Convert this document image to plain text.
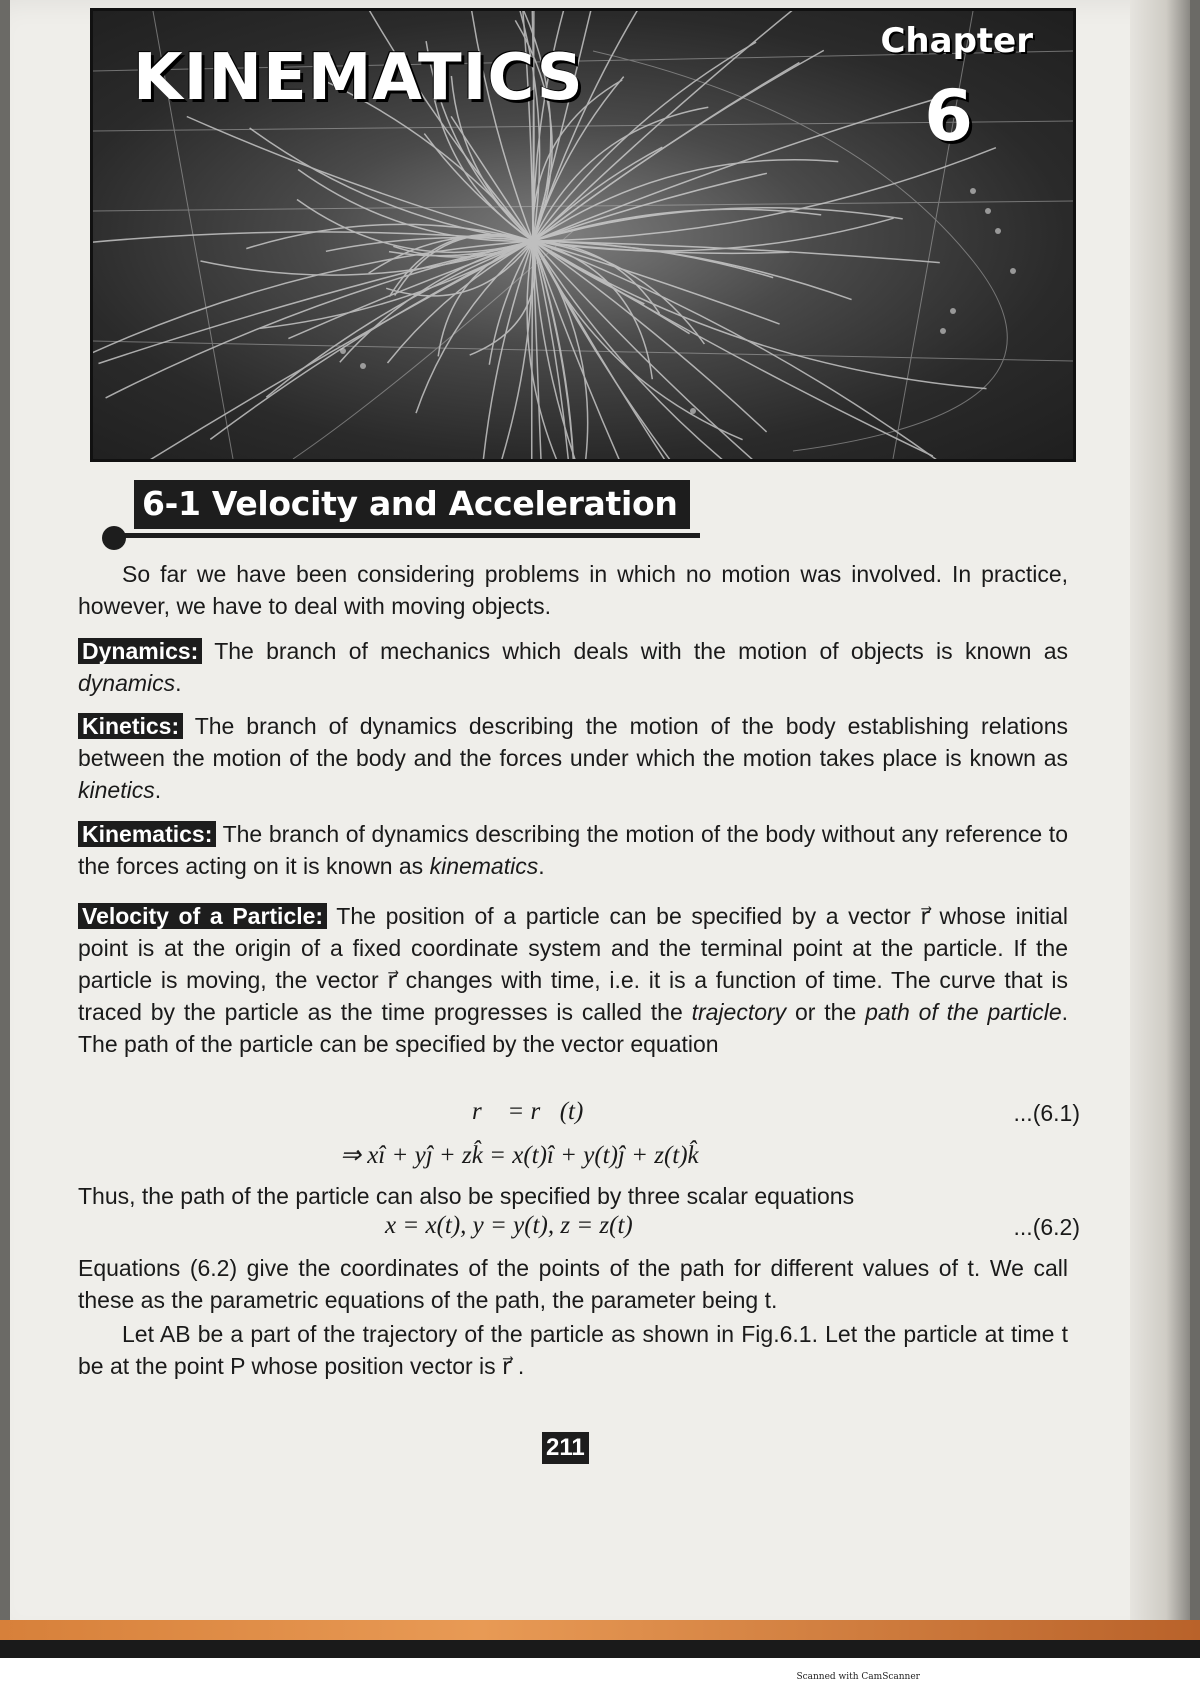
Scanned with CamScanner
KINEMATICS	Chapter
6
6-1 Velocity and Acceleration
So far we have been considering problems in which no motion was involved. In practice, however, we have to deal with moving objects.
Dynamics: The branch of mechanics which deals with the motion of objects is known as dynamics.
Kinetics: The branch of dynamics describing the motion of the body establishing relations between the motion of the body and the forces under which the motion takes place is known as kinetics.
Kinematics: The branch of dynamics describing the motion of the body without any reference to the forces acting on it is known as kinematics.
Velocity of a Particle: The position of a particle can be specified by a vector r⃗ whose initial point is at the origin of a fixed coordinate system and the terminal point at the particle. If the particle is moving, the vector r⃗ changes with time, i.e. it is a function of time. The curve that is traced by the particle as the time progresses is called the trajectory or the path of the particle. The path of the particle can be specified by the vector equation
r⃗ = r⃗(t)	...(6.1)
⇒ xî + yĵ + zk̂ = x(t)î + y(t)ĵ + z(t)k̂
Thus, the path of the particle can also be specified by three scalar equations
x = x(t), y = y(t), z = z(t)	...(6.2)
Equations (6.2) give the coordinates of the points of the path for different values of t. We call these as the parametric equations of the path, the parameter being t.
Let AB be a part of the trajectory of the particle as shown in Fig.6.1. Let the particle at time t be at the point P whose position vector is r⃗ .
211
